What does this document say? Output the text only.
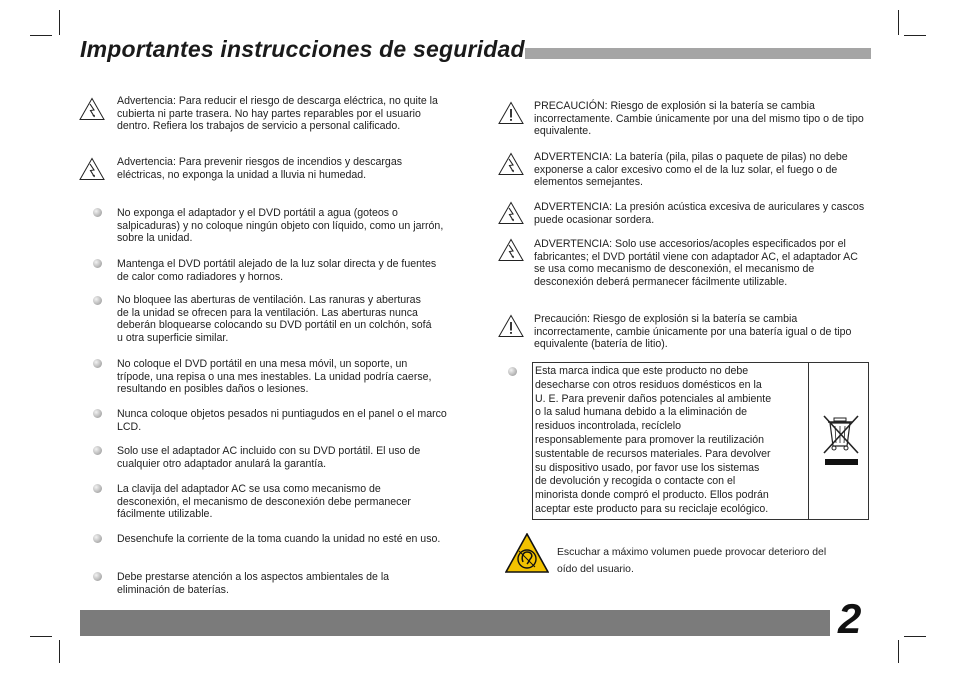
Importantes instrucciones de seguridad
Advertencia: Para reducir el riesgo de descarga eléctrica, no quite la cubierta ni parte trasera. No hay partes reparables por el usuario dentro. Refiera los trabajos de servicio a personal calificado.
Advertencia: Para prevenir riesgos de incendios y descargas eléctricas, no exponga la unidad a lluvia ni humedad.
No exponga el adaptador y el DVD portátil a agua (goteos o salpicaduras) y no coloque ningún objeto con líquido, como un jarrón, sobre la unidad.
Mantenga el DVD portátil alejado de la luz solar directa y de fuentes de calor como radiadores y hornos.
No bloquee las aberturas de ventilación. Las ranuras y aberturas de la unidad se ofrecen para la ventilación. Las aberturas nunca deberán bloquearse colocando su DVD portátil en un colchón, sofá u otra superficie similar.
No coloque el DVD portátil en una mesa móvil, un soporte, un trípode, una repisa o una mes inestables. La unidad podría caerse, resultando en posibles daños o lesiones.
Nunca coloque objetos pesados ni puntiagudos en el panel o el marco LCD.
Solo use el adaptador AC incluido con su DVD portátil. El uso de cualquier otro adaptador anulará la garantía.
La clavija del adaptador AC se usa como mecanismo de desconexión, el mecanismo de desconexión debe permanecer fácilmente utilizable.
Desenchufe la corriente de la toma cuando la unidad no esté en uso.
Debe prestarse atención a los aspectos ambientales de la eliminación de baterías.
PRECAUCIÓN: Riesgo de explosión si la batería se cambia incorrectamente. Cambie únicamente por una del mismo tipo o de tipo equivalente.
ADVERTENCIA: La batería (pila, pilas o paquete de pilas) no debe exponerse a calor excesivo como el de la luz solar, el fuego o de elementos semejantes.
ADVERTENCIA: La presión acústica excesiva de auriculares y cascos puede ocasionar sordera.
ADVERTENCIA: Solo use accesorios/acoples especificados por el fabricantes; el DVD portátil viene con adaptador AC, el adaptador AC se usa como mecanismo de desconexión, el mecanismo de desconexión deberá permanecer fácilmente utilizable.
Precaución: Riesgo de explosión si la batería se cambia incorrectamente, cambie únicamente por una batería igual o de tipo equivalente (batería de litio).
Esta marca indica que este producto no debe
desecharse con otros residuos domésticos en la
U. E. Para prevenir daños potenciales al ambiente
o la salud humana debido a la eliminación de
residuos incontrolada, recíclelo
responsablemente para promover la reutilización
sustentable de recursos materiales. Para devolver
su dispositivo usado, por favor use los sistemas
de devolución y recogida o contacte con el
minorista donde compró el producto. Ellos podrán
aceptar este producto para su reciclaje ecológico.
Escuchar a máximo volumen puede provocar deterioro del
oído del usuario.
2
